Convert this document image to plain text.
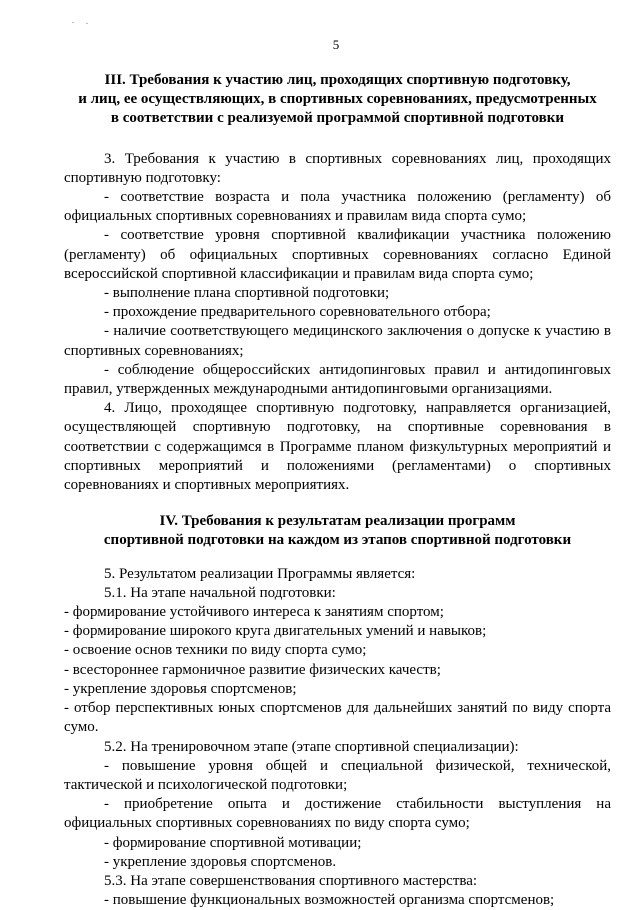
5
III. Требования к участию лиц, проходящих спортивную подготовку,
и лиц, ее осуществляющих, в спортивных соревнованиях, предусмотренных
в соответствии с реализуемой программой спортивной подготовки

3. Требования к участию в спортивных соревнованиях лиц, проходящих спортивную подготовку:

- соответствие возраста и пола участника положению (регламенту) об официальных спортивных соревнованиях и правилам вида спорта сумо;

- соответствие уровня спортивной квалификации участника положению (регламенту) об официальных спортивных соревнованиях согласно Единой всероссийской спортивной классификации и правилам вида спорта сумо;

- выполнение плана спортивной подготовки;

- прохождение предварительного соревновательного отбора;

- наличие соответствующего медицинского заключения о допуске к участию в спортивных соревнованиях;

- соблюдение общероссийских антидопинговых правил и антидопинговых правил, утвержденных международными антидопинговыми организациями.

4. Лицо, проходящее спортивную подготовку, направляется организацией, осуществляющей спортивную подготовку, на спортивные соревнования в соответствии с содержащимся в Программе планом физкультурных мероприятий и спортивных мероприятий и положениями (регламентами) о спортивных соревнованиях и спортивных мероприятиях.

IV. Требования к результатам реализации программ
спортивной подготовки на каждом из этапов спортивной подготовки

5. Результатом реализации Программы является:

5.1. На этапе начальной подготовки:

- формирование устойчивого интереса к занятиям спортом;

- формирование широкого круга двигательных умений и навыков;

- освоение основ техники по виду спорта сумо;

- всестороннее гармоничное развитие физических качеств;

- укрепление здоровья спортсменов;

- отбор перспективных юных спортсменов для дальнейших занятий по виду спорта сумо.

5.2. На тренировочном этапе (этапе спортивной специализации):

- повышение уровня общей и специальной физической, технической, тактической и психологической подготовки;

- приобретение опыта и достижение стабильности выступления на официальных спортивных соревнованиях по виду спорта сумо;

- формирование спортивной мотивации;

- укрепление здоровья спортсменов.

5.3. На этапе совершенствования спортивного мастерства:

- повышение функциональных возможностей организма спортсменов;
